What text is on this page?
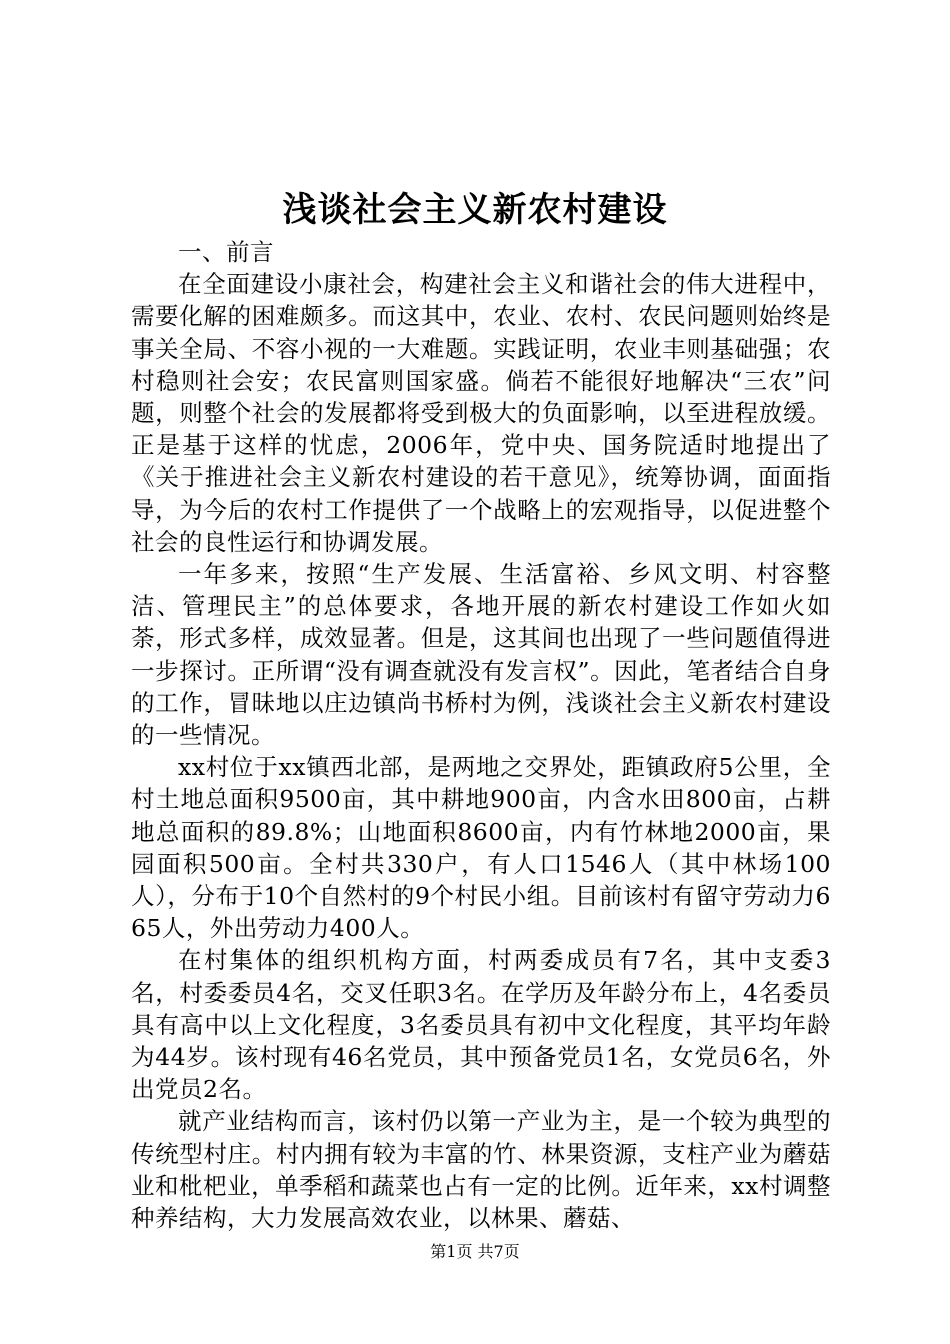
浅谈社会主义新农村建设

一、前言

在全面建设小康社会，构建社会主义和谐社会的伟大进程中，需要化解的困难颇多。而这其中，农业、农村、农民问题则始终是事关全局、不容小视的一大难题。实践证明，农业丰则基础强；农村稳则社会安；农民富则国家盛。倘若不能很好地解决“三农”问题，则整个社会的发展都将受到极大的负面影响，以至进程放缓。正是基于这样的忧虑，2006年，党中央、国务院适时地提出了《关于推进社会主义新农村建设的若干意见》，统筹协调，面面指导，为今后的农村工作提供了一个战略上的宏观指导，以促进整个社会的良性运行和协调发展。

一年多来，按照“生产发展、生活富裕、乡风文明、村容整洁、管理民主”的总体要求，各地开展的新农村建设工作如火如荼，形式多样，成效显著。但是，这其间也出现了一些问题值得进一步探讨。正所谓“没有调查就没有发言权”。因此，笔者结合自身的工作，冒昧地以庄边镇尚书桥村为例，浅谈社会主义新农村建设的一些情况。

xx村位于xx镇西北部，是两地之交界处，距镇政府5公里，全村土地总面积9500亩，其中耕地900亩，内含水田800亩，占耕地总面积的89.8%；山地面积8600亩，内有竹林地2000亩，果园面积500亩。全村共330户，有人口1546人（其中林场100人），分布于10个自然村的9个村民小组。目前该村有留守劳动力665人，外出劳动力400人。

在村集体的组织机构方面，村两委成员有7名，其中支委3名，村委委员4名，交叉任职3名。在学历及年龄分布上，4名委员具有高中以上文化程度，3名委员具有初中文化程度，其平均年龄为44岁。该村现有46名党员，其中预备党员1名，女党员6名，外出党员2名。

就产业结构而言，该村仍以第一产业为主，是一个较为典型的传统型村庄。村内拥有较为丰富的竹、林果资源，支柱产业为蘑菇业和枇杷业，单季稻和蔬菜也占有一定的比例。近年来，xx村调整种养结构，大力发展高效农业，以林果、蘑菇、

第1页 共7页
